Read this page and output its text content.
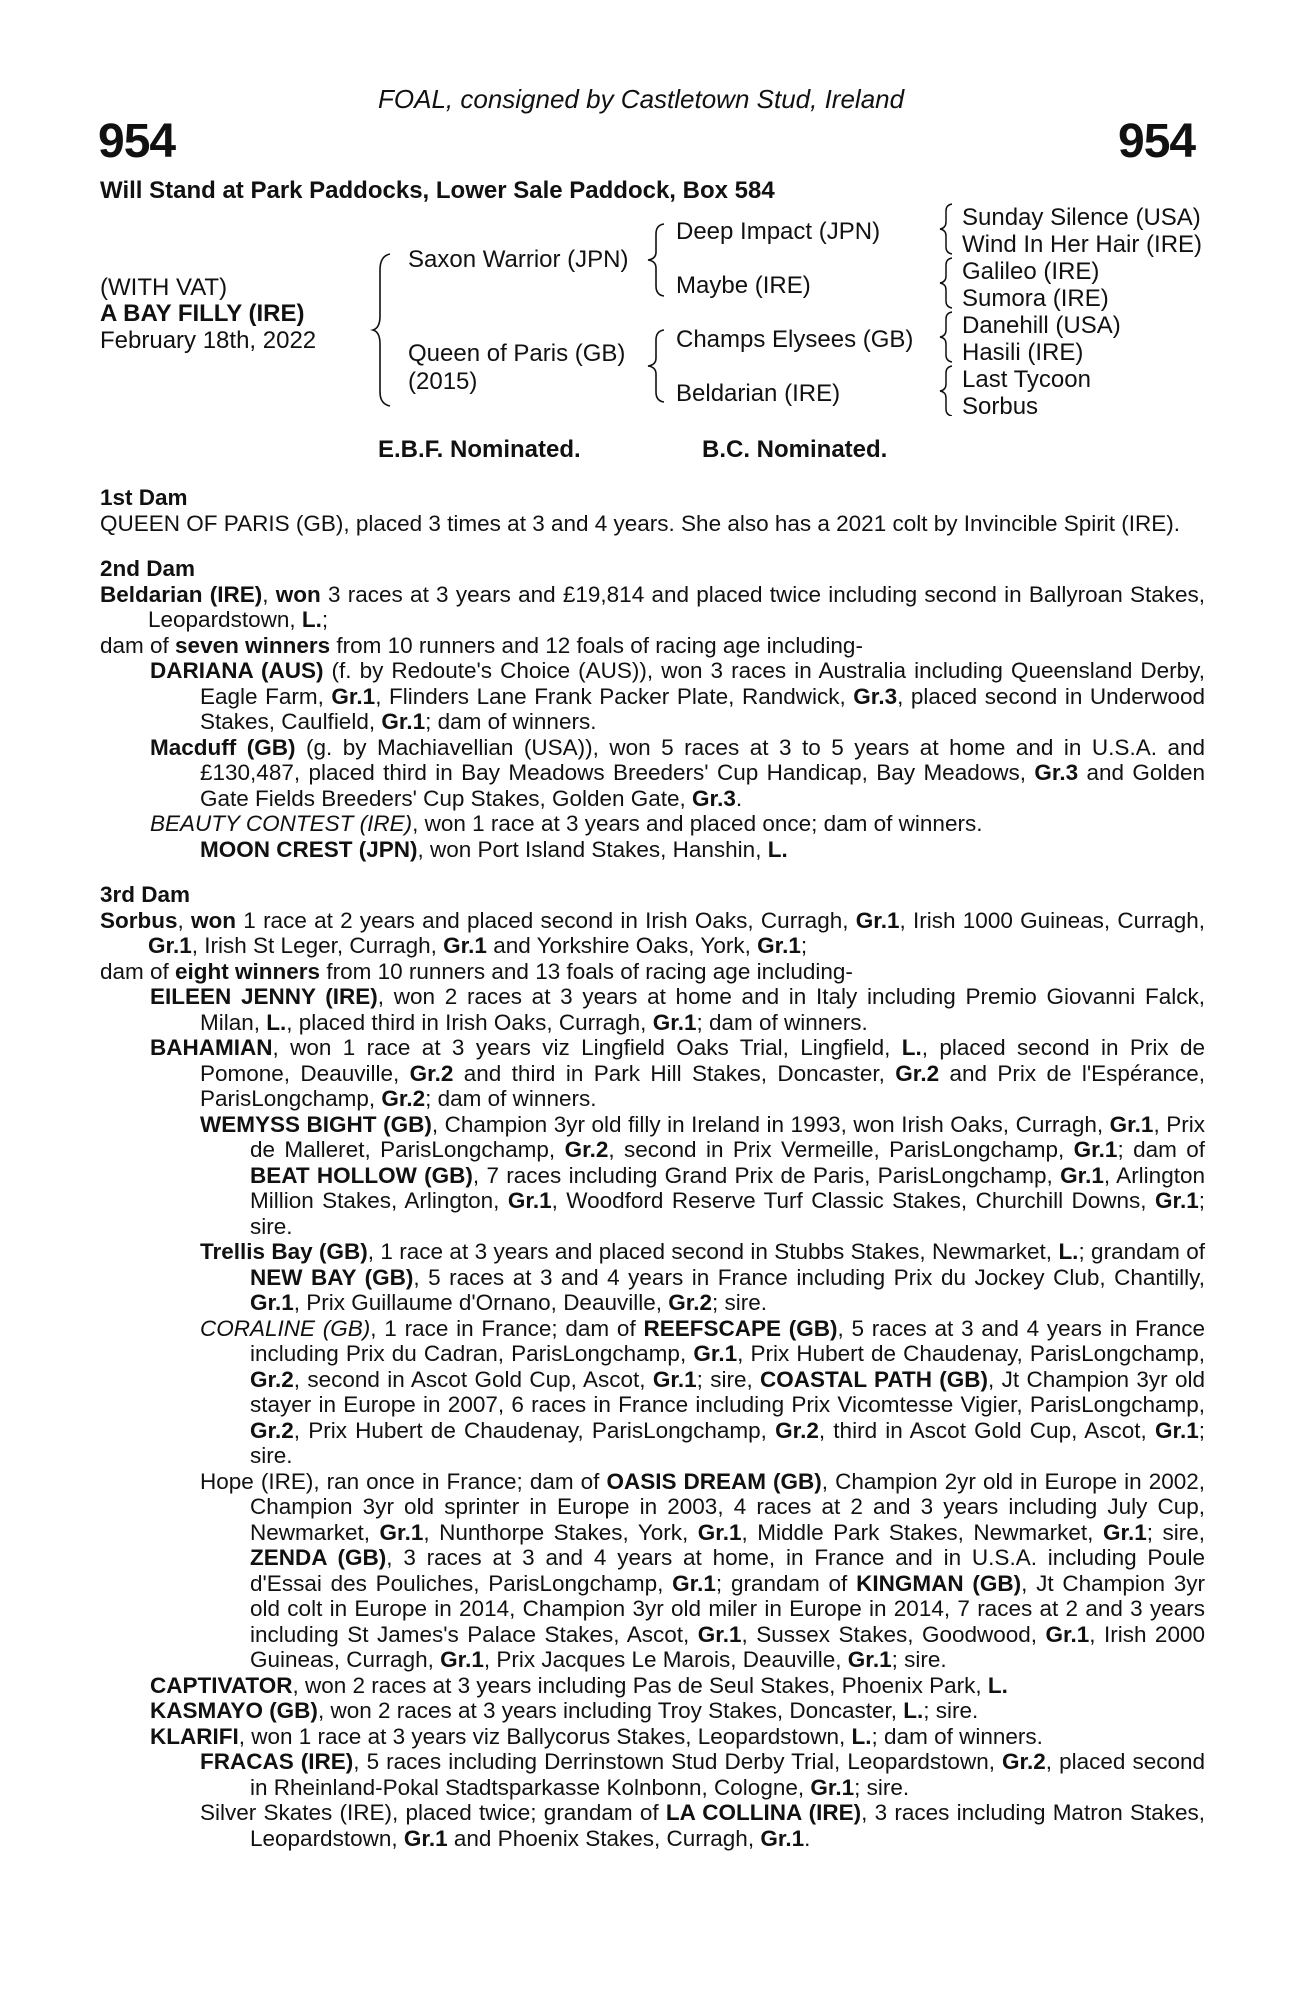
FOAL, consigned by Castletown Stud, Ireland
954	954
Will Stand at Park Paddocks, Lower Sale Paddock, Box 584
(WITH VAT)
A BAY FILLY (IRE)
February 18th, 2022
Saxon Warrior (JPN)
Queen of Paris (GB)
(2015)
Deep Impact (JPN)
Maybe (IRE)
Champs Elysees (GB)
Beldarian (IRE)
Sunday Silence (USA)
Wind In Her Hair (IRE)
Galileo (IRE)
Sumora (IRE)
Danehill (USA)
Hasili (IRE)
Last Tycoon
Sorbus
E.B.F. Nominated.	B.C. Nominated.
1st Dam
QUEEN OF PARIS (GB), placed 3 times at 3 and 4 years. She also has a 2021 colt by Invincible Spirit (IRE).
2nd Dam
Beldarian (IRE), won 3 races at 3 years and £19,814 and placed twice including second in Ballyroan Stakes, Leopardstown, L.;
dam of seven winners from 10 runners and 12 foals of racing age including-
DARIANA (AUS) (f. by Redoute's Choice (AUS)), won 3 races in Australia including Queensland Derby, Eagle Farm, Gr.1, Flinders Lane Frank Packer Plate, Randwick, Gr.3, placed second in Underwood Stakes, Caulfield, Gr.1; dam of winners.
Macduff (GB) (g. by Machiavellian (USA)), won 5 races at 3 to 5 years at home and in U.S.A. and £130,487, placed third in Bay Meadows Breeders' Cup Handicap, Bay Meadows, Gr.3 and Golden Gate Fields Breeders' Cup Stakes, Golden Gate, Gr.3.
BEAUTY CONTEST (IRE), won 1 race at 3 years and placed once; dam of winners.
MOON CREST (JPN), won Port Island Stakes, Hanshin, L.
3rd Dam
Sorbus, won 1 race at 2 years and placed second in Irish Oaks, Curragh, Gr.1, Irish 1000 Guineas, Curragh, Gr.1, Irish St Leger, Curragh, Gr.1 and Yorkshire Oaks, York, Gr.1;
dam of eight winners from 10 runners and 13 foals of racing age including-
EILEEN JENNY (IRE), won 2 races at 3 years at home and in Italy including Premio Giovanni Falck, Milan, L., placed third in Irish Oaks, Curragh, Gr.1; dam of winners.
BAHAMIAN, won 1 race at 3 years viz Lingfield Oaks Trial, Lingfield, L., placed second in Prix de Pomone, Deauville, Gr.2 and third in Park Hill Stakes, Doncaster, Gr.2 and Prix de l'Espérance, ParisLongchamp, Gr.2; dam of winners.
WEMYSS BIGHT (GB), Champion 3yr old filly in Ireland in 1993, won Irish Oaks, Curragh, Gr.1, Prix de Malleret, ParisLongchamp, Gr.2, second in Prix Vermeille, ParisLongchamp, Gr.1; dam of BEAT HOLLOW (GB), 7 races including Grand Prix de Paris, ParisLongchamp, Gr.1, Arlington Million Stakes, Arlington, Gr.1, Woodford Reserve Turf Classic Stakes, Churchill Downs, Gr.1; sire.
Trellis Bay (GB), 1 race at 3 years and placed second in Stubbs Stakes, Newmarket, L.; grandam of NEW BAY (GB), 5 races at 3 and 4 years in France including Prix du Jockey Club, Chantilly, Gr.1, Prix Guillaume d'Ornano, Deauville, Gr.2; sire.
CORALINE (GB), 1 race in France; dam of REEFSCAPE (GB), 5 races at 3 and 4 years in France including Prix du Cadran, ParisLongchamp, Gr.1, Prix Hubert de Chaudenay, ParisLongchamp, Gr.2, second in Ascot Gold Cup, Ascot, Gr.1; sire, COASTAL PATH (GB), Jt Champion 3yr old stayer in Europe in 2007, 6 races in France including Prix Vicomtesse Vigier, ParisLongchamp, Gr.2, Prix Hubert de Chaudenay, ParisLongchamp, Gr.2, third in Ascot Gold Cup, Ascot, Gr.1; sire.
Hope (IRE), ran once in France; dam of OASIS DREAM (GB), Champion 2yr old in Europe in 2002, Champion 3yr old sprinter in Europe in 2003, 4 races at 2 and 3 years including July Cup, Newmarket, Gr.1, Nunthorpe Stakes, York, Gr.1, Middle Park Stakes, Newmarket, Gr.1; sire, ZENDA (GB), 3 races at 3 and 4 years at home, in France and in U.S.A. including Poule d'Essai des Pouliches, ParisLongchamp, Gr.1; grandam of KINGMAN (GB), Jt Champion 3yr old colt in Europe in 2014, Champion 3yr old miler in Europe in 2014, 7 races at 2 and 3 years including St James's Palace Stakes, Ascot, Gr.1, Sussex Stakes, Goodwood, Gr.1, Irish 2000 Guineas, Curragh, Gr.1, Prix Jacques Le Marois, Deauville, Gr.1; sire.
CAPTIVATOR, won 2 races at 3 years including Pas de Seul Stakes, Phoenix Park, L.
KASMAYO (GB), won 2 races at 3 years including Troy Stakes, Doncaster, L.; sire.
KLARIFI, won 1 race at 3 years viz Ballycorus Stakes, Leopardstown, L.; dam of winners.
FRACAS (IRE), 5 races including Derrinstown Stud Derby Trial, Leopardstown, Gr.2, placed second in Rheinland-Pokal Stadtsparkasse Kolnbonn, Cologne, Gr.1; sire.
Silver Skates (IRE), placed twice; grandam of LA COLLINA (IRE), 3 races including Matron Stakes, Leopardstown, Gr.1 and Phoenix Stakes, Curragh, Gr.1.
